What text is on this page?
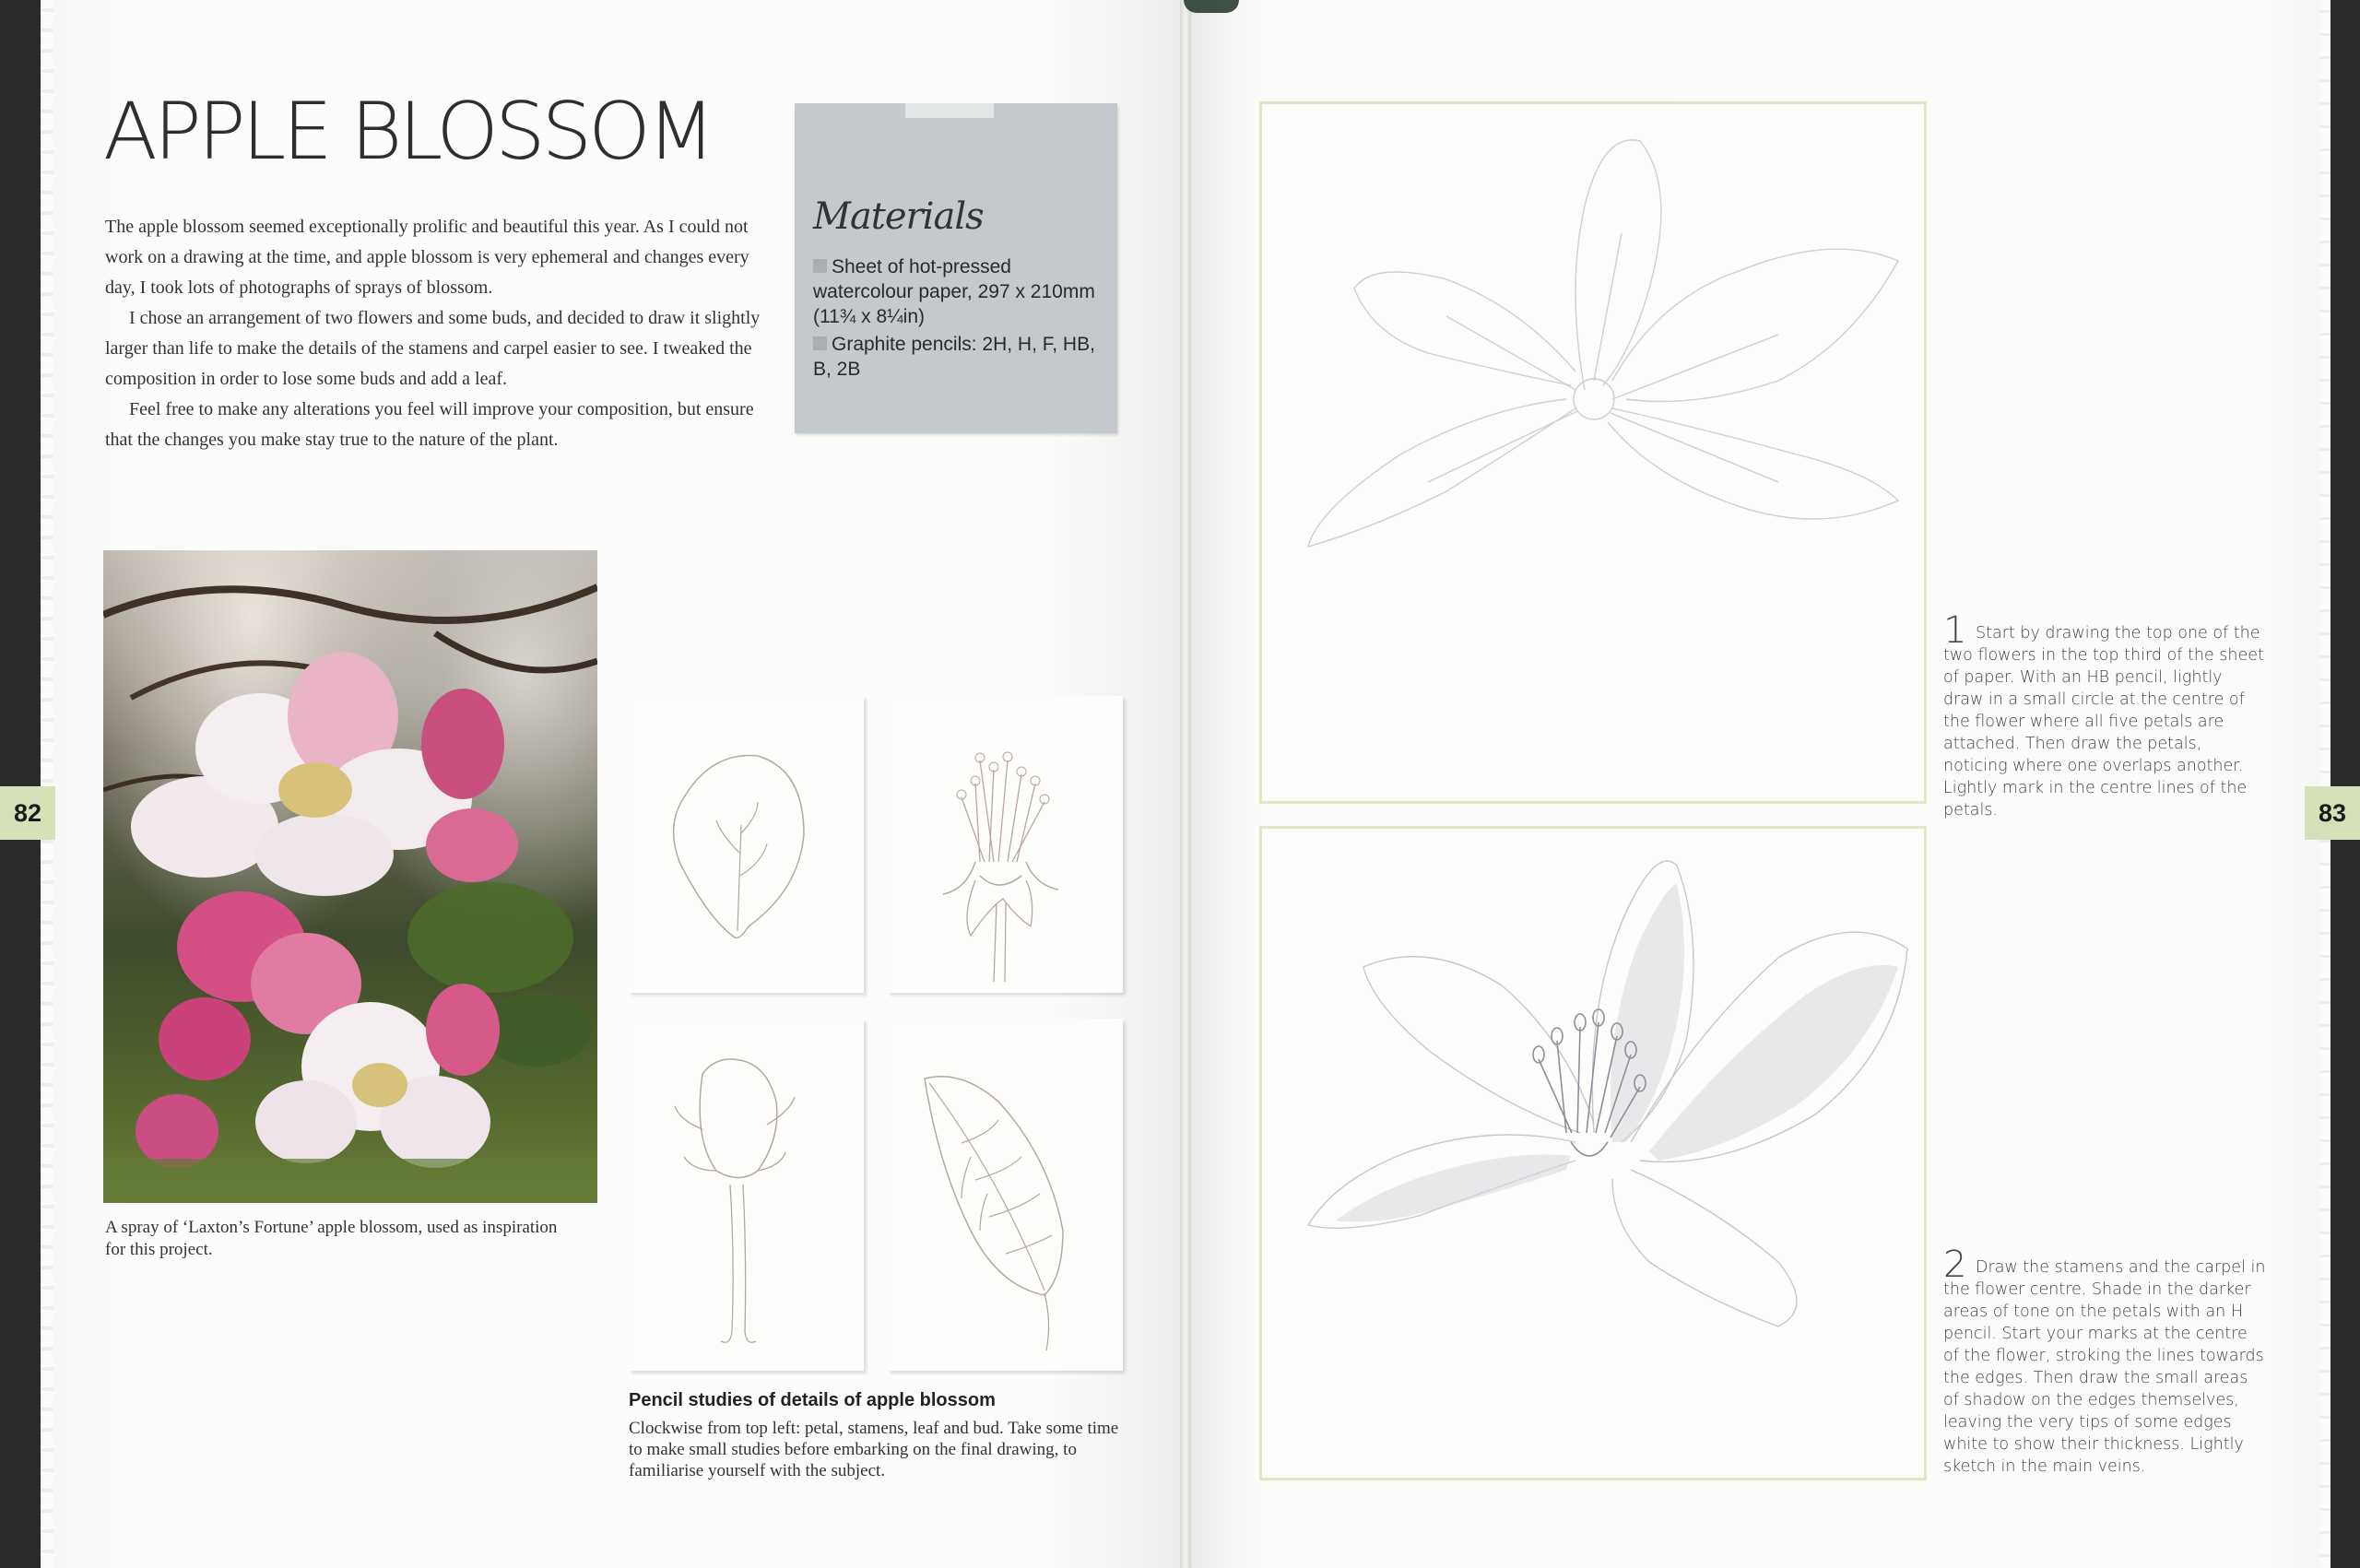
APPLE BLOSSOM

The apple blossom seemed exceptionally prolific and beautiful this year. As I could not work on a drawing at the time, and apple blossom is very ephemeral and changes every day, I took lots of photographs of sprays of blossom.

I chose an arrangement of two flowers and some buds, and decided to draw it slightly larger than life to make the details of the stamens and carpel easier to see. I tweaked the composition in order to lose some buds and add a leaf.

Feel free to make any alterations you feel will improve your composition, but ensure that the changes you make stay true to the nature of the plant.

Materials
Sheet of hot-pressed watercolour paper, 297 x 210mm (11¾ x 8¼in)
Graphite pencils: 2H, H, F, HB, B, 2B
82

A spray of ‘Laxton’s Fortune’ apple blossom, used as inspiration for this project.

Pencil studies of details of apple blossom

Clockwise from top left: petal, stamens, leaf and bud. Take some time to make small studies before embarking on the final drawing, to familiarise yourself with the subject.

1 Start by drawing the top one of the two flowers in the top third of the sheet of paper. With an HB pencil, lightly draw in a small circle at the centre of the flower where all five petals are attached. Then draw the petals, noticing where one overlaps another. Lightly mark in the centre lines of the petals.

2 Draw the stamens and the carpel in the flower centre. Shade in the darker areas of tone on the petals with an H pencil. Start your marks at the centre of the flower, stroking the lines towards the edges. Then draw the small areas of shadow on the edges themselves, leaving the very tips of some edges white to show their thickness. Lightly sketch in the main veins.

83
